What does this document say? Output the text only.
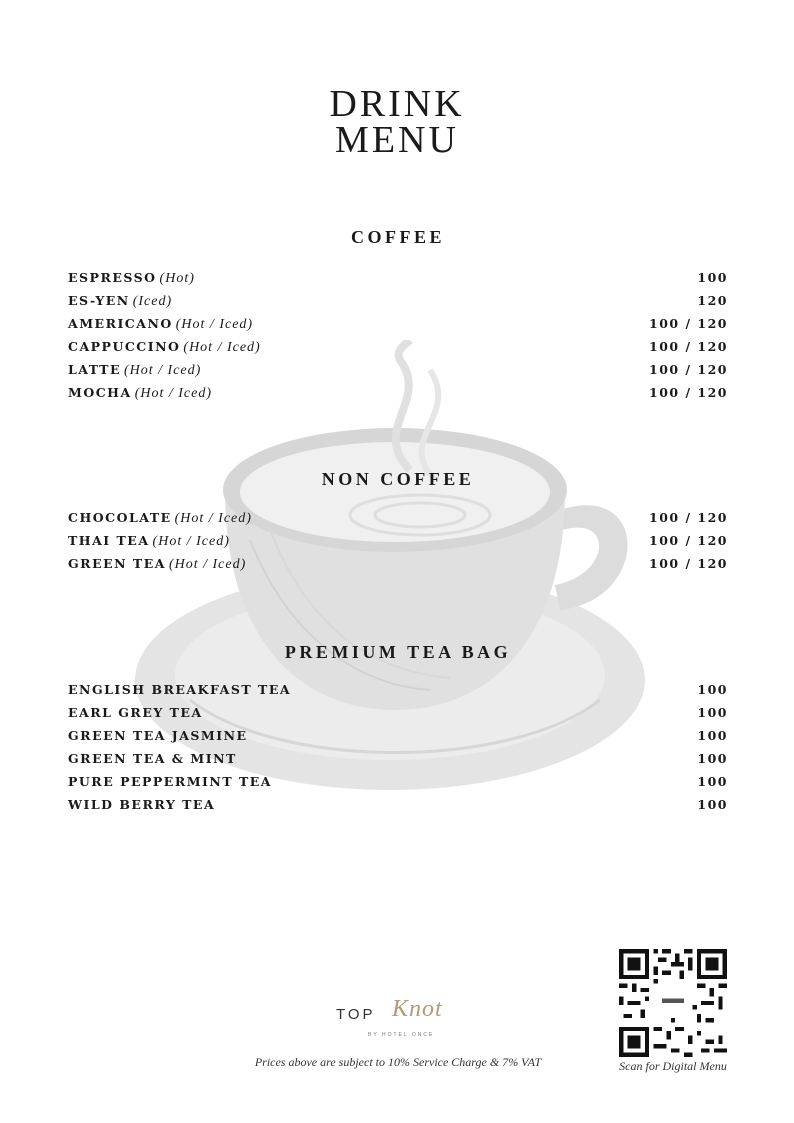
DRINK
MENU
COFFEE
ESPRESSO (Hot)	100
ES-YEN (Iced)	120
AMERICANO (Hot / Iced)	100 / 120
CAPPUCCINO (Hot / Iced)	100 / 120
LATTE (Hot / Iced)	100 / 120
MOCHA (Hot / Iced)	100 / 120
NON COFFEE
CHOCOLATE (Hot / Iced)	100 / 120
THAI TEA (Hot / Iced)	100 / 120
GREEN TEA (Hot / Iced)	100 / 120
PREMIUM TEA BAG
ENGLISH BREAKFAST TEA	100
EARL GREY TEA	100
GREEN TEA JASMINE	100
GREEN TEA & MINT	100
PURE PEPPERMINT TEA	100
WILD BERRY TEA	100
TOP Knot
BY HOTEL ONCE
Prices above are subject to 10% Service Charge & 7% VAT	Scan for Digital Menu
